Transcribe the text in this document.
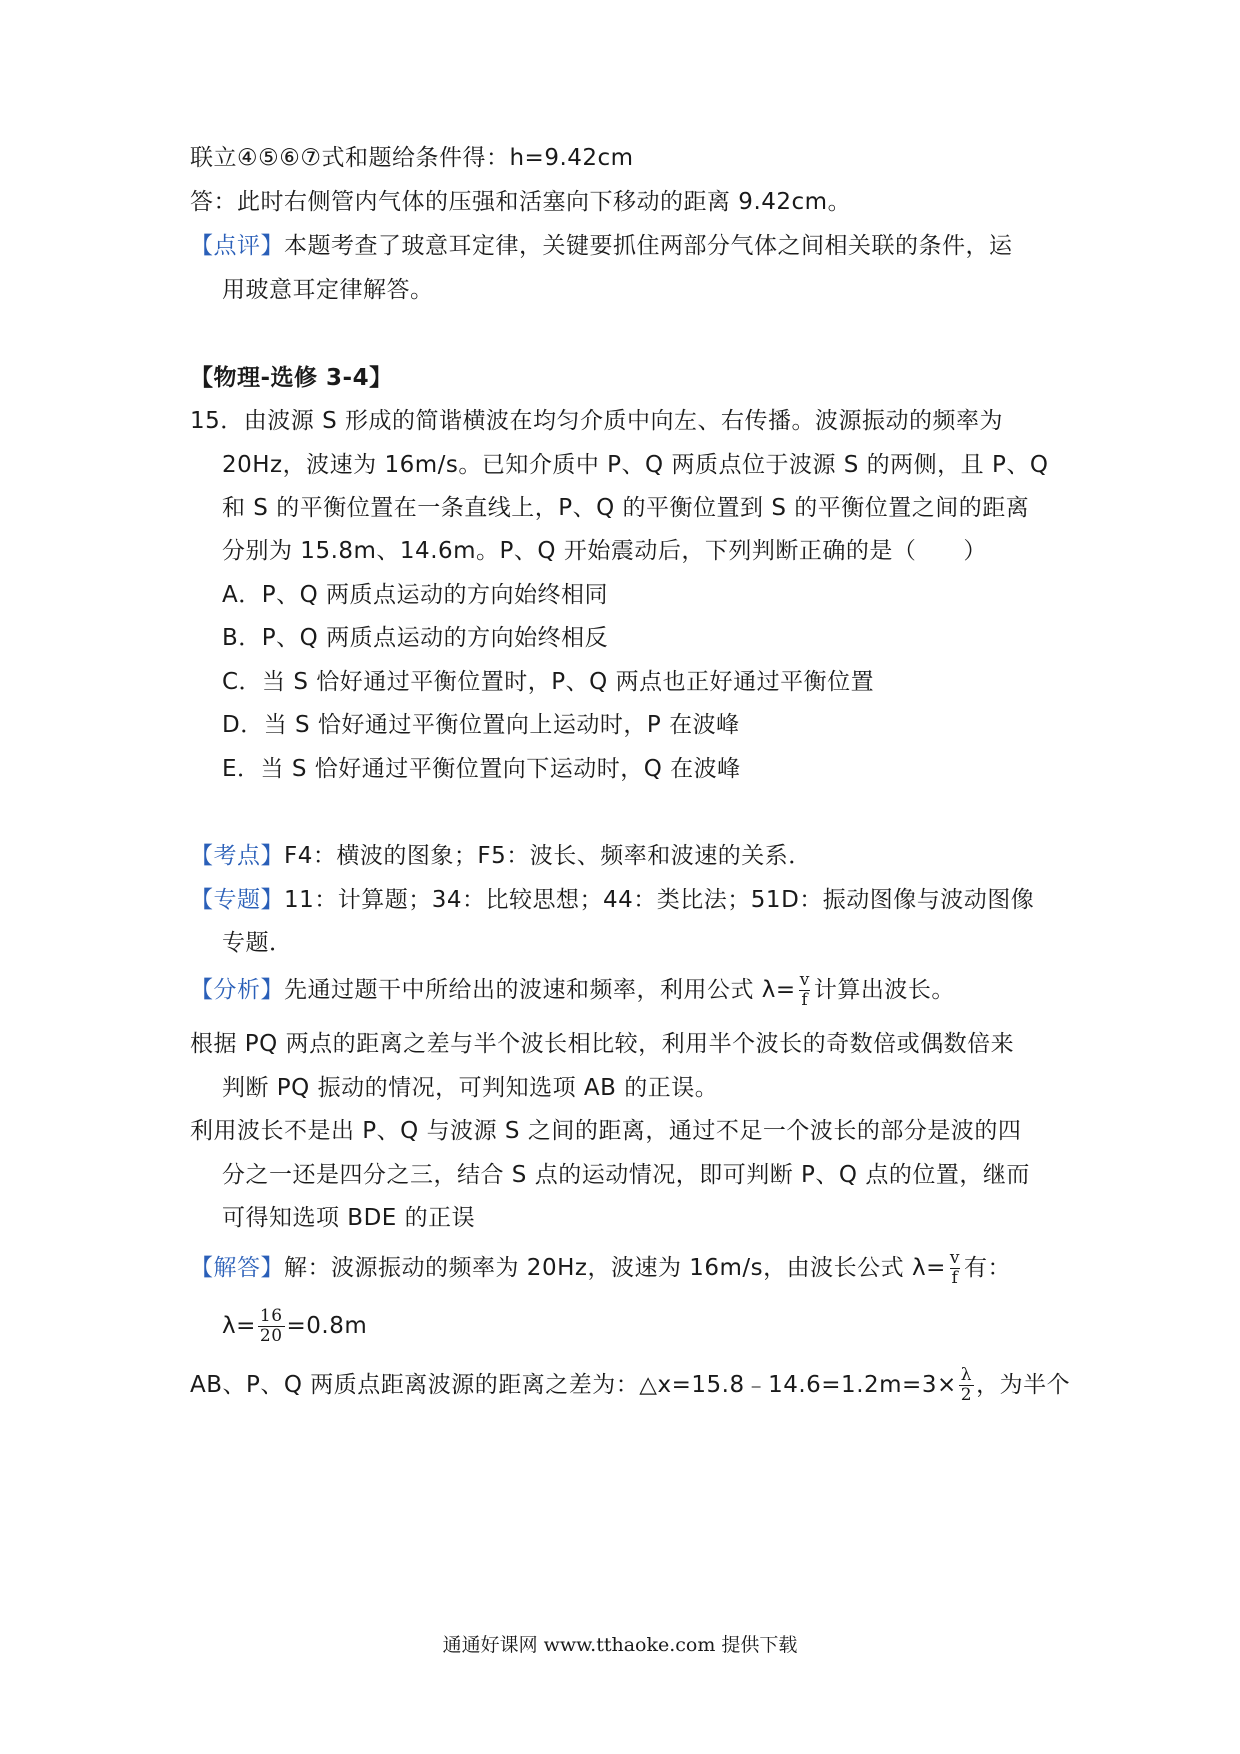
联立④⑤⑥⑦式和题给条件得：h=9.42cm
答：此时右侧管内气体的压强和活塞向下移动的距离 9.42cm。
【点评】本题考查了玻意耳定律，关键要抓住两部分气体之间相关联的条件，运
用玻意耳定律解答。
【物理-选修 3-4】
15．由波源 S 形成的简谐横波在均匀介质中向左、右传播。波源振动的频率为
20Hz，波速为 16m/s。已知介质中 P、Q 两质点位于波源 S 的两侧，且 P、Q
和 S 的平衡位置在一条直线上，P、Q 的平衡位置到 S 的平衡位置之间的距离
分别为 15.8m、14.6m。P、Q 开始震动后，下列判断正确的是（　　）
A．P、Q 两质点运动的方向始终相同
B．P、Q 两质点运动的方向始终相反
C．当 S 恰好通过平衡位置时，P、Q 两点也正好通过平衡位置
D．当 S 恰好通过平衡位置向上运动时，P 在波峰
E．当 S 恰好通过平衡位置向下运动时，Q 在波峰
【考点】F4：横波的图象；F5：波长、频率和波速的关系．
【专题】11：计算题；34：比较思想；44：类比法；51D：振动图像与波动图像
专题．
【分析】先通过题干中所给出的波速和频率，利用公式 $\lambda= \frac{v}{f}$ 计算出波长。
根据 PQ 两点的距离之差与半个波长相比较，利用半个波长的奇数倍或偶数倍来
判断 PQ 振动的情况，可判知选项 AB 的正误。
利用波长不是出 P、Q 与波源 S 之间的距离，通过不足一个波长的部分是波的四
分之一还是四分之三，结合 S 点的运动情况，即可判断 P、Q 点的位置，继而
可得知选项 BDE 的正误
【解答】解：波源振动的频率为 20Hz，波速为 16m/s，由波长公式 $\lambda= \frac{v}{f}$ 有：
$\lambda= \frac{16}{20} =0.8m$
AB、P、Q 两质点距离波源的距离之差为：△x=15.8﹣14.6=1.2m=3× $\frac{\lambda}{2}$ ，为半个
通通好课网 www.tthaoke.com 提供下载
